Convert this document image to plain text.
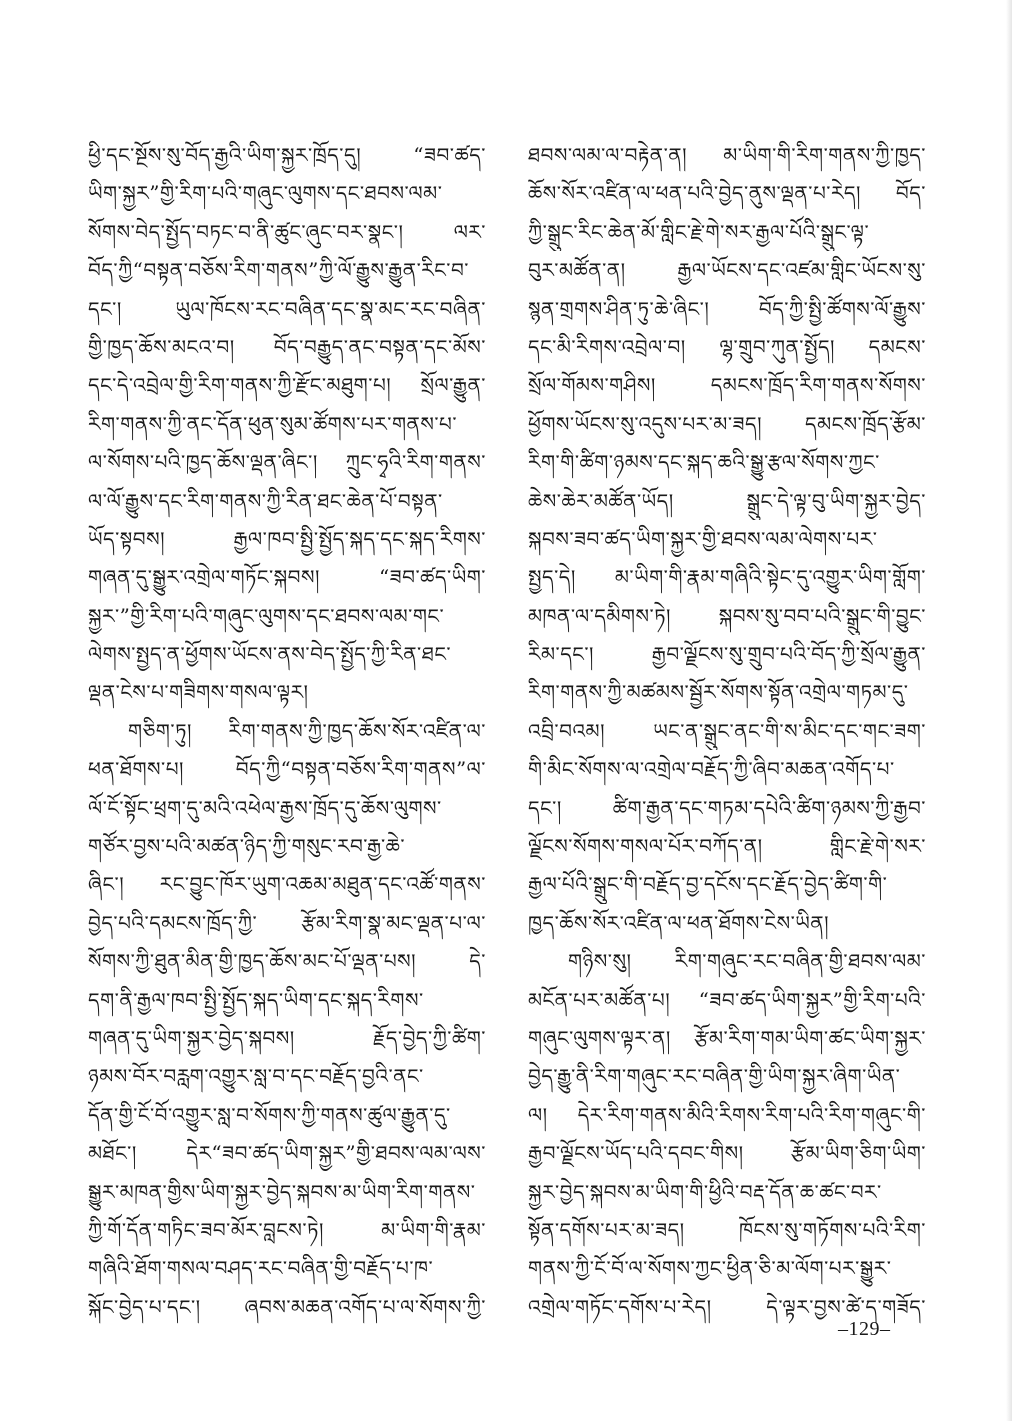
ཕྱི་དང་སྔོས་སུ་བོད་རྒྱའི་ཡིག་སྐྱར་ཁྲོད་དུ། “ཟབ་ཚད་
ཡིག་སྐྱར”གྱི་རིག་པའི་གཞུང་ལུགས་དང་ཐབས་ལམ་
སོགས་བེད་སྤྱོད་བཏང་བ་ནི་ཚུང་ཞུང་བར་སྣང་། ལར་
བོད་ཀྱི“བསྟན་བཅོས་རིག་གནས”ཀྱི་ལོ་རྒྱུས་རྒྱུན་རིང་བ་
དང་། ཡུལ་ཁོངས་རང་བཞིན་དང་སྣ་མང་རང་བཞིན་
གྱི་ཁྱད་ཆོས་མངའ་བ། བོད་བརྒྱུད་ནང་བསྟན་དང་མོས་
དང་དེ་འབྲེལ་གྱི་རིག་གནས་ཀྱི་རྫོང་མཐུག་པ། སྲོལ་རྒྱུན་
རིག་གནས་ཀྱི་ནང་དོན་ཕུན་སུམ་ཚོགས་པར་གནས་པ་
ལ་སོགས་པའི་ཁྱད་ཆོས་ལྡན་ཞིང་། ཀྲུང་ཧྭའི་རིག་གནས་
ལ་ལོ་རྒྱུས་དང་རིག་གནས་ཀྱི་རིན་ཐང་ཆེན་པོ་བསྟན་
ཡོད་སྟབས། རྒྱལ་ཁབ་སྤྱི་སྤྱོད་སྐད་དང་སྐད་རིགས་
གཞན་དུ་སྒྱུར་འགྲེལ་གཏོང་སྐབས། “ཟབ་ཚད་ཡིག་
སྐྱར་”གྱི་རིག་པའི་གཞུང་ལུགས་དང་ཐབས་ལམ་གང་
ལེགས་སྤྱད་ན་ཕྱོགས་ཡོངས་ནས་བེད་སྤྱོད་ཀྱི་རིན་ཐང་
ལྡན་ངེས་པ་གཟིགས་གསལ་ལྟར།
གཅིག་ཏུ། རིག་གནས་ཀྱི་ཁྱད་ཆོས་སོར་འཛིན་ལ་
ཕན་ཐོགས་པ། བོད་ཀྱི“བསྟན་བཅོས་རིག་གནས”ལ་
ལོ་ངོ་སྟོང་ཕྲག་དུ་མའི་འཕེལ་རྒྱས་ཁྲོད་དུ་ཆོས་ལུགས་
གཙོར་བྱས་པའི་མཚན་ཉིད་ཀྱི་གསུང་རབ་རྒྱ་ཆེ་
ཞིང་། རང་བྱུང་ཁོར་ཡུག་འཆམ་མཐུན་དང་འཚོ་གནས་
བྱེད་པའི་དམངས་ཁྲོད་ཀྱི་ རྩོམ་རིག་སྣ་མང་ལྡན་པ་ལ་
སོགས་ཀྱི་ཐུན་མིན་གྱི་ཁྱད་ཆོས་མང་པོ་ལྡན་པས། དེ་
དག་ནི་རྒྱལ་ཁབ་སྤྱི་སྤྱོད་སྐད་ཡིག་དང་སྐད་རིགས་
གཞན་དུ་ཡིག་སྐྱར་བྱེད་སྐབས། རྗོད་བྱེད་ཀྱི་ཚིག་
ཉམས་བོར་བརླག་འགྱུར་སླ་བ་དང་བརྗོད་བྱའི་ནང་
དོན་གྱི་ངོ་བོ་འགྱུར་སླ་བ་སོགས་ཀྱི་གནས་ཚུལ་རྒྱུན་དུ་
མཐོང་། དེར“ཟབ་ཚད་ཡིག་སྐྱར”གྱི་ཐབས་ལམ་ལས་
སྒྱུར་མཁན་གྱིས་ཡིག་སྐྱར་བྱེད་སྐབས་མ་ཡིག་རིག་གནས་
ཀྱི་གོ་དོན་གཏིང་ཟབ་མོར་བླངས་ཏེ། མ་ཡིག་གི་རྣམ་
གཞིའི་ཐོག་གསལ་བཤད་རང་བཞིན་གྱི་བརྗོད་པ་ཁ་
སྐོང་བྱེད་པ་དང་། ཞབས་མཆན་འགོད་པ་ལ་སོགས་ཀྱི་
ཐབས་ལམ་ལ་བརྟེན་ན། མ་ཡིག་གི་རིག་གནས་ཀྱི་ཁྱད་
ཆོས་སོར་འཛིན་ལ་ཕན་པའི་བྱེད་ནུས་ལྡན་པ་རེད། བོད་
ཀྱི་སྒྲུང་རིང་ཆེན་མོ་གླིང་རྗེ་གེ་སར་རྒྱལ་པོའི་སྒྲུང་ལྟ་
བུར་མཚོན་ན། རྒྱལ་ཡོངས་དང་འཛམ་གླིང་ཡོངས་སུ་
སྙན་གྲགས་ཤིན་ཏུ་ཆེ་ཞིང་། བོད་ཀྱི་སྤྱི་ཚོགས་ལོ་རྒྱུས་
དང་མི་རིགས་འབྲེལ་བ། ལྷ་གྲུབ་ཀུན་སྤྱོད། དམངས་
སྲོལ་གོམས་གཤིས། དམངས་ཁྲོད་རིག་གནས་སོགས་
ཕྱོགས་ཡོངས་སུ་འདུས་པར་མ་ཟད། དམངས་ཁྲོད་རྩོམ་
རིག་གི་ཚིག་ཉམས་དང་སྐད་ཆའི་སྒྱུ་རྩལ་སོགས་ཀྱང་
ཆེས་ཆེར་མཚོན་ཡོད། སྒྲུང་དེ་ལྟ་བུ་ཡིག་སྐྱར་བྱེད་
སྐབས་ཟབ་ཚད་ཡིག་སྐྱར་གྱི་ཐབས་ལམ་ལེགས་པར་
སྤྱད་དེ། མ་ཡིག་གི་རྣམ་གཞིའི་སྟེང་དུ་འགྱུར་ཡིག་གློག་
མཁན་ལ་དམིགས་ཏེ། སྐབས་སུ་བབ་པའི་སྒྲུང་གི་བྱུང་
རིམ་དང་། རྒྱབ་ལྗོངས་སུ་གྲུབ་པའི་བོད་ཀྱི་སྲོལ་རྒྱུན་
རིག་གནས་ཀྱི་མཚམས་སྦྱོར་སོགས་སྟོན་འགྲེལ་གཏམ་དུ་
འབྲི་བའམ། ཡང་ན་སྒྲུང་ནང་གི་ས་མིང་དང་གང་ཟག་
གི་མིང་སོགས་ལ་འགྲེལ་བརྗོད་ཀྱི་ཞིབ་མཆན་འགོད་པ་
དང་། ཚིག་རྒྱན་དང་གཏམ་དཔེའི་ཚིག་ཉམས་ཀྱི་རྒྱབ་
ལྗོངས་སོགས་གསལ་པོར་བཀོད་ན། གླིང་རྗེ་གེ་སར་
རྒྱལ་པོའི་སྒྲུང་གི་བརྗོད་བྱ་དངོས་དང་རྗོད་བྱེད་ཚིག་གི་
ཁྱད་ཆོས་སོར་འཛིན་ལ་ཕན་ཐོགས་ངེས་ཡིན།
གཉིས་སུ། རིག་གཞུང་རང་བཞིན་གྱི་ཐབས་ལམ་
མངོན་པར་མཚོན་པ། “ཟབ་ཚད་ཡིག་སྐྱར”གྱི་རིག་པའི་
གཞུང་ལུགས་ལྟར་ན། རྩོམ་རིག་གམ་ཡིག་ཚང་ཡིག་སྐྱར་
བྱེད་རྒྱུ་ནི་རིག་གཞུང་རང་བཞིན་གྱི་ཡིག་སྐྱར་ཞིག་ཡིན་
ལ། དེར་རིག་གནས་མིའི་རིགས་རིག་པའི་རིག་གཞུང་གི་
རྒྱབ་ལྗོངས་ཡོད་པའི་དབང་གིས། རྩོམ་ཡིག་ཅིག་ཡིག་
སྐྱར་བྱེད་སྐབས་མ་ཡིག་གི་ཕྱིའི་བརྡ་དོན་ཆ་ཚང་བར་
སྟོན་དགོས་པར་མ་ཟད། ཁོངས་སུ་གཏོགས་པའི་རིག་
གནས་ཀྱི་ངོ་བོ་ལ་སོགས་ཀྱང་ཕྱིན་ཅི་མ་ལོག་པར་སྒྱུར་
འགྲེལ་གཏོང་དགོས་པ་རེད། དེ་ལྟར་བྱས་ཚེ་ད་གཟོད་
–129–
